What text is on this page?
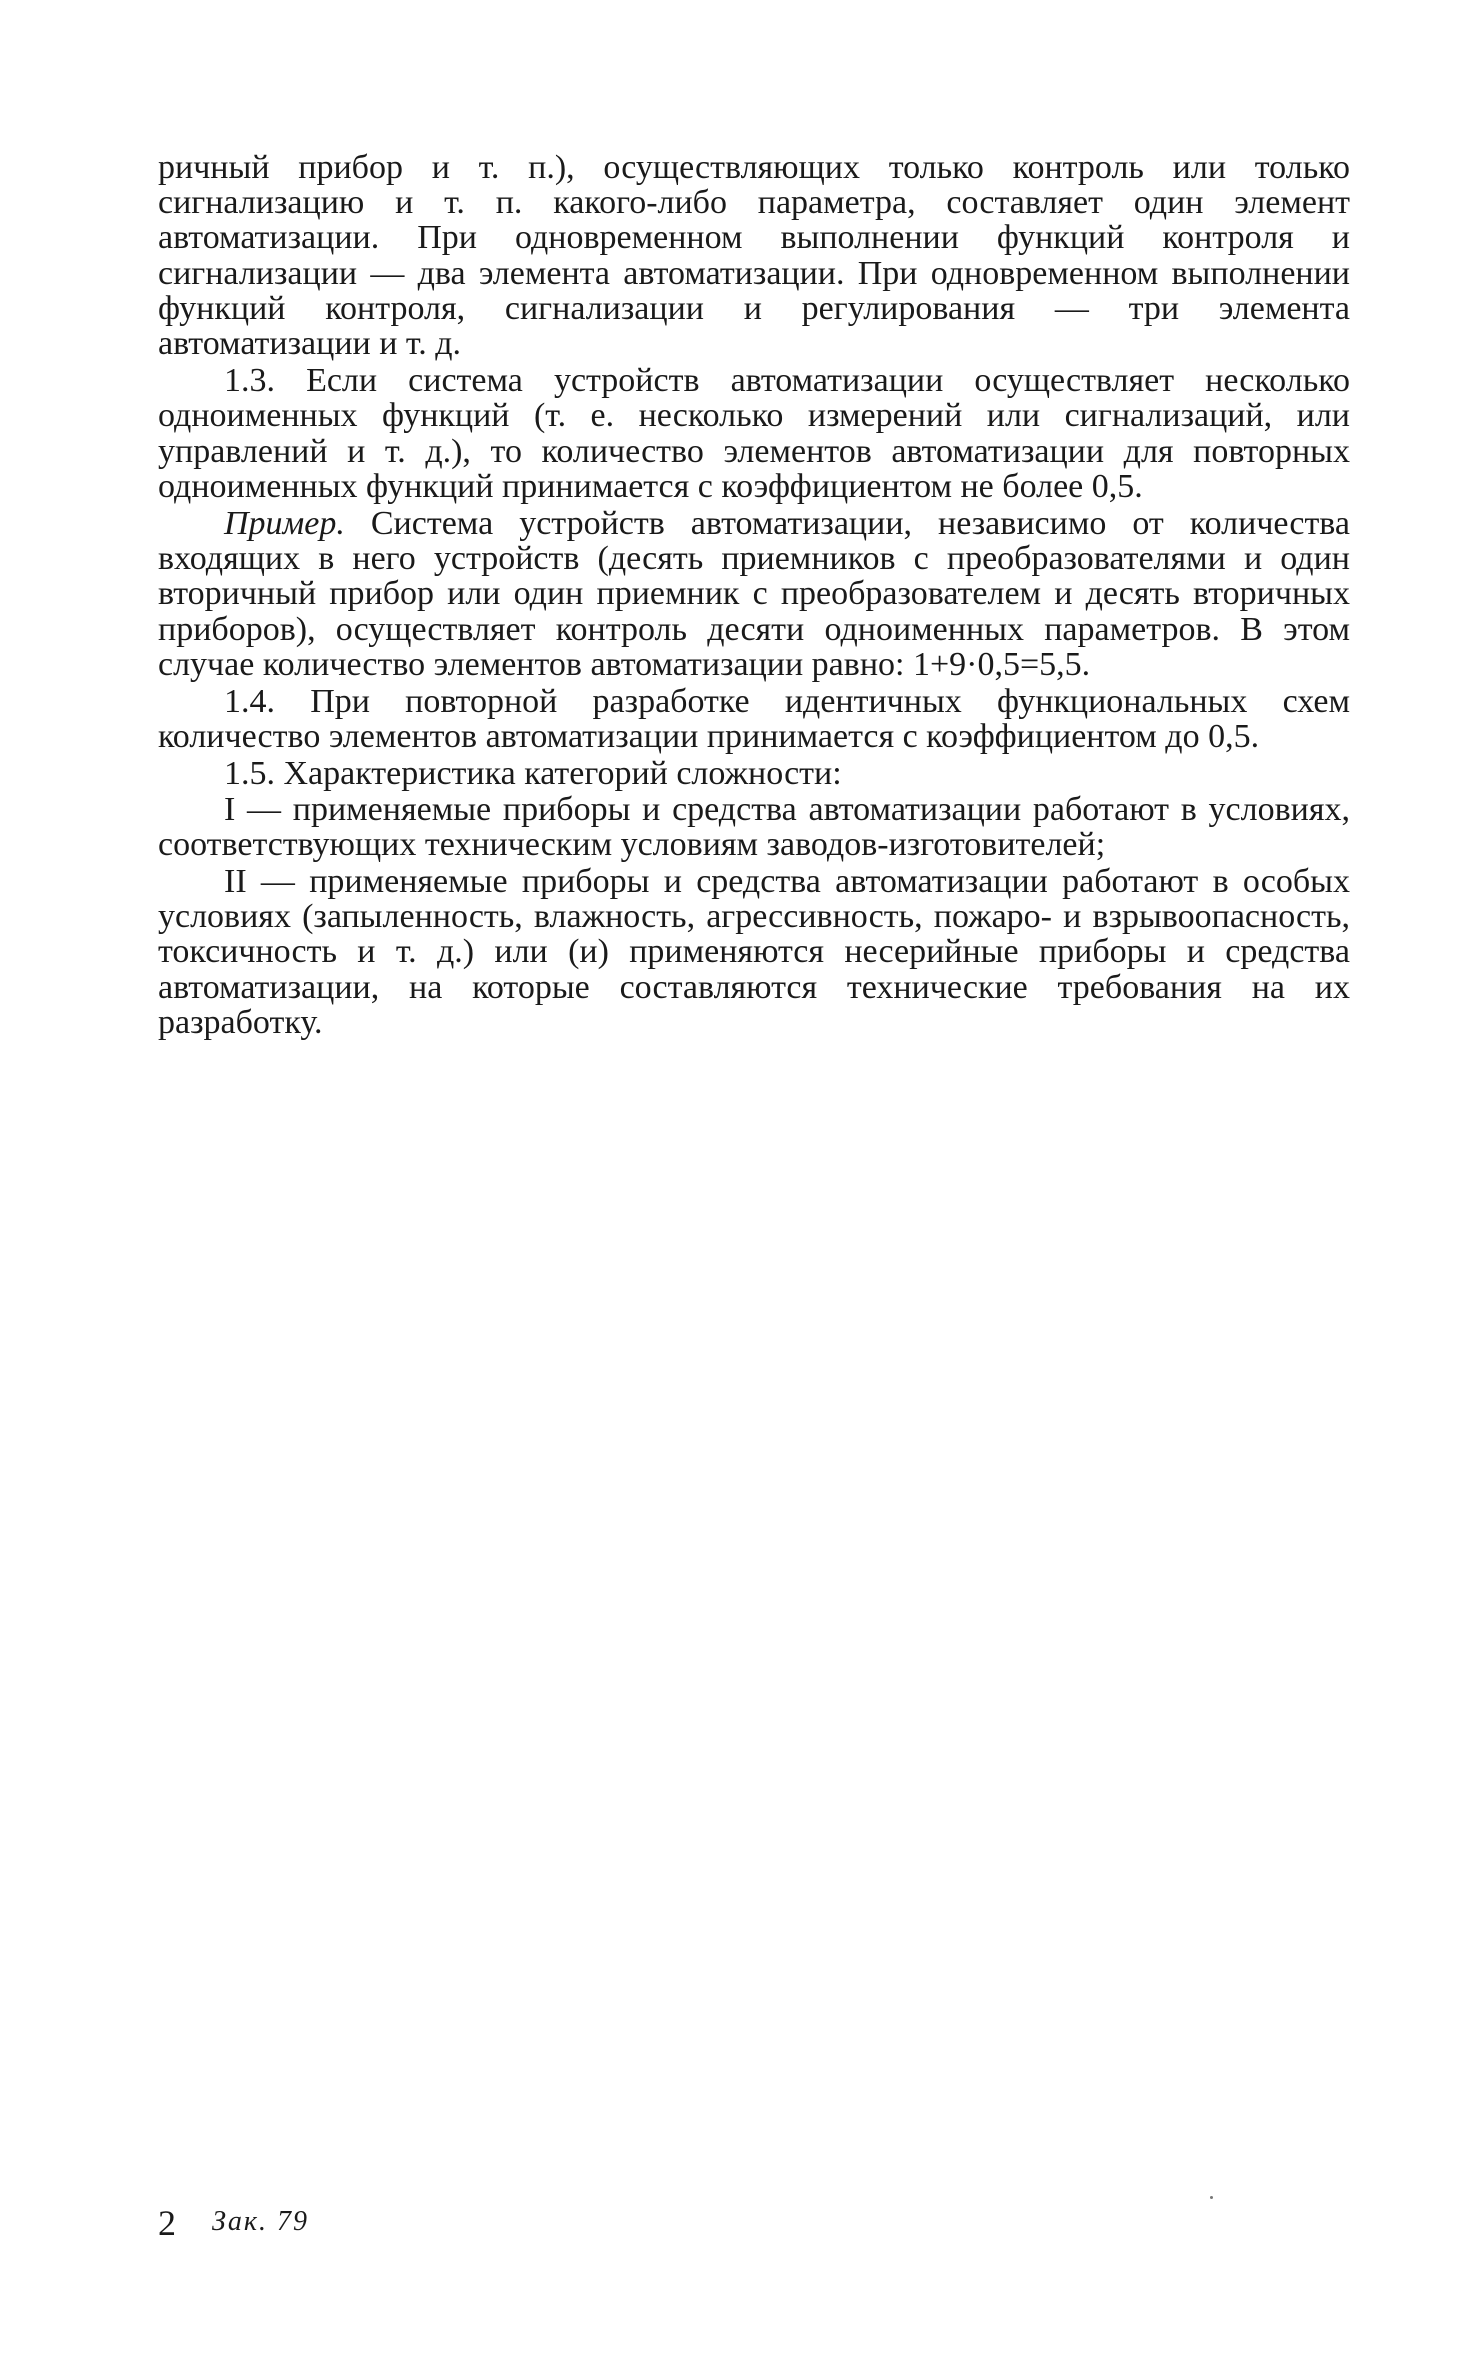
ричный прибор и т. п.), осуществляющих только контроль или только сигнализацию и т. п. какого-либо параметра, составляет один элемент автоматизации. При одновременном выполнении функций контроля и сигнализации — два элемента автоматизации. При одновременном выполнении функций контроля, сигнализации и регулирования — три элемента автоматизации и т. д.

1.3. Если система устройств автоматизации осуществляет несколько одноименных функций (т. е. несколько измерений или сигнализаций, или управлений и т. д.), то количество элементов автоматизации для повторных одноименных функций принимается с коэффициентом не более 0,5.

Пример. Система устройств автоматизации, независимо от количества входящих в него устройств (десять приемников с преобразователями и один вторичный прибор или один приемник с преобразователем и десять вторичных приборов), осуществляет контроль десяти одноименных параметров. В этом случае количество элементов автоматизации равно: 1+9·0,5=5,5.

1.4. При повторной разработке идентичных функциональных схем количество элементов автоматизации принимается с коэффициентом до 0,5.

1.5. Характеристика категорий сложности:

I — применяемые приборы и средства автоматизации работают в условиях, соответствующих техническим условиям заводов-изготовителей;

II — применяемые приборы и средства автоматизации работают в особых условиях (запыленность, влажность, агрессивность, пожаро- и взрывоопасность, токсичность и т. д.) или (и) применяются несерийные приборы и средства автоматизации, на которые составляются технические требования на их разработку.

2 Зак. 79
